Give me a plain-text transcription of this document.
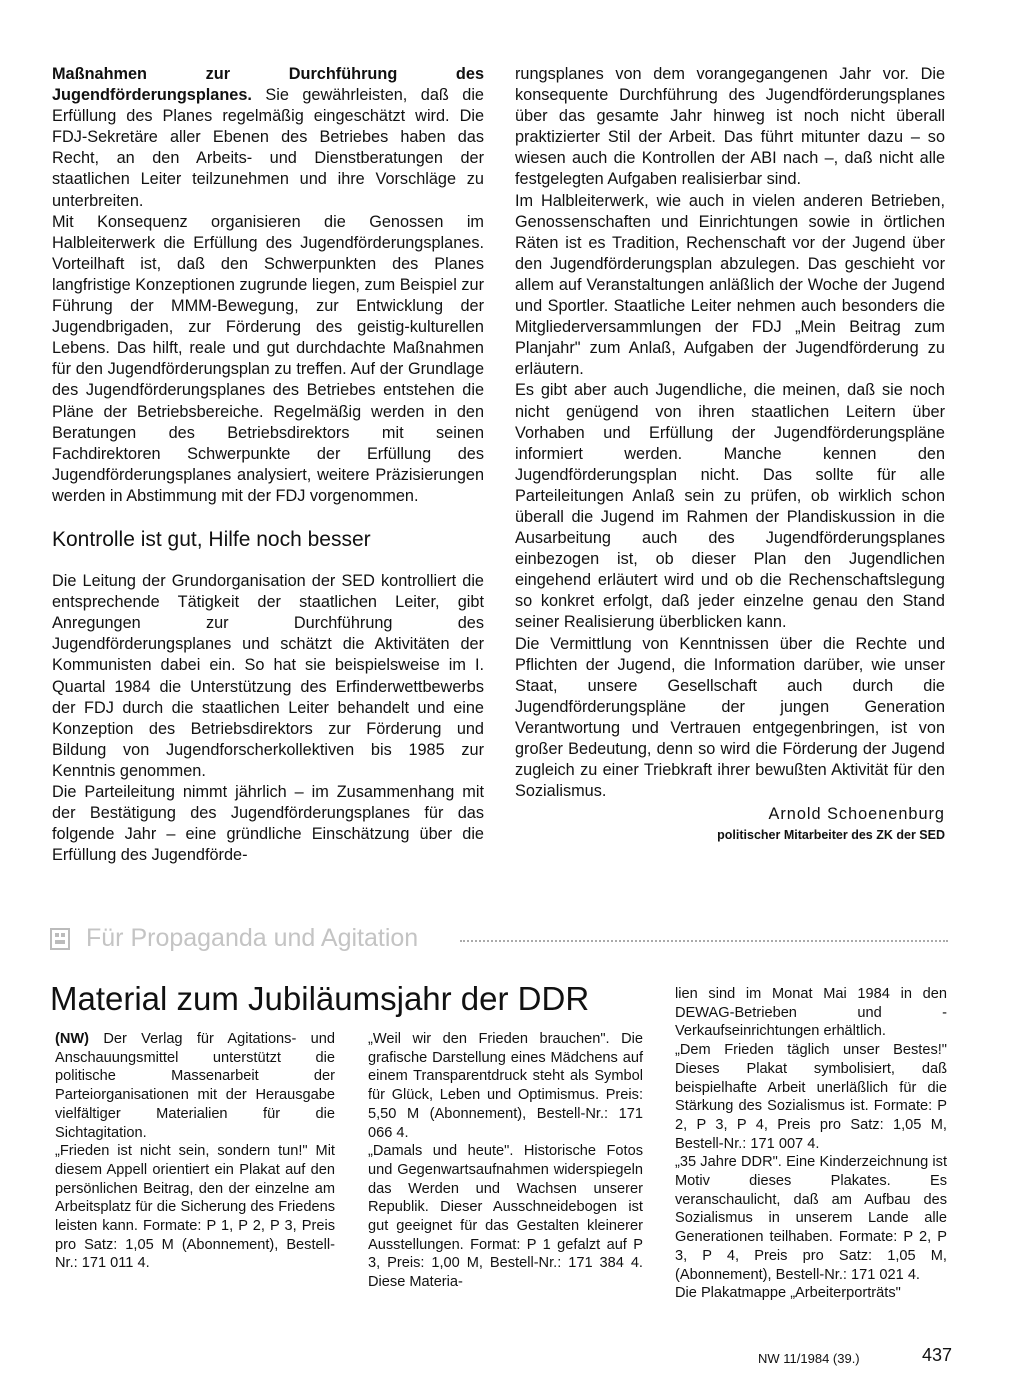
Maßnahmen zur Durchführung des Jugendförderungsplanes. Sie gewährleisten, daß die Erfüllung des Planes regelmäßig eingeschätzt wird. Die FDJ-Sekretäre aller Ebenen des Betriebes haben das Recht, an den Arbeits- und Dienstberatungen der staatlichen Leiter teilzunehmen und ihre Vorschläge zu unterbreiten.

Mit Konsequenz organisieren die Genossen im Halbleiterwerk die Erfüllung des Jugendförderungsplanes. Vorteilhaft ist, daß den Schwerpunkten des Planes langfristige Konzeptionen zugrunde liegen, zum Beispiel zur Führung der MMM-Bewegung, zur Entwicklung der Jugendbrigaden, zur Förderung des geistig-kulturellen Lebens. Das hilft, reale und gut durchdachte Maßnahmen für den Jugendförderungsplan zu treffen. Auf der Grundlage des Jugendförderungsplanes des Betriebes entstehen die Pläne der Betriebsbereiche. Regelmäßig werden in den Beratungen des Betriebsdirektors mit seinen Fachdirektoren Schwerpunkte der Erfüllung des Jugendförderungsplanes analysiert, weitere Präzisierungen werden in Abstimmung mit der FDJ vorgenommen.

Kontrolle ist gut, Hilfe noch besser

Die Leitung der Grundorganisation der SED kontrolliert die entsprechende Tätigkeit der staatlichen Leiter, gibt Anregungen zur Durchführung des Jugendförderungsplanes und schätzt die Aktivitäten der Kommunisten dabei ein. So hat sie beispielsweise im I. Quartal 1984 die Unterstützung des Erfinderwettbewerbs der FDJ durch die staatlichen Leiter behandelt und eine Konzeption des Betriebsdirektors zur Förderung und Bildung von Jugendforscherkollektiven bis 1985 zur Kenntnis genommen.

Die Parteileitung nimmt jährlich – im Zusammenhang mit der Bestätigung des Jugendförderungsplanes für das folgende Jahr – eine gründliche Einschätzung über die Erfüllung des Jugendförde-

rungsplanes von dem vorangegangenen Jahr vor. Die konsequente Durchführung des Jugendförderungsplanes über das gesamte Jahr hinweg ist noch nicht überall praktizierter Stil der Arbeit. Das führt mitunter dazu – so wiesen auch die Kontrollen der ABI nach –, daß nicht alle festgelegten Aufgaben realisierbar sind.

Im Halbleiterwerk, wie auch in vielen anderen Betrieben, Genossenschaften und Einrichtungen sowie in örtlichen Räten ist es Tradition, Rechenschaft vor der Jugend über den Jugendförderungsplan abzulegen. Das geschieht vor allem auf Veranstaltungen anläßlich der Woche der Jugend und Sportler. Staatliche Leiter nehmen auch besonders die Mitgliederversammlungen der FDJ „Mein Beitrag zum Planjahr" zum Anlaß, Aufgaben der Jugendförderung zu erläutern.

Es gibt aber auch Jugendliche, die meinen, daß sie noch nicht genügend von ihren staatlichen Leitern über Vorhaben und Erfüllung der Jugendförderungspläne informiert werden. Manche kennen den Jugendförderungsplan nicht. Das sollte für alle Parteileitungen Anlaß sein zu prüfen, ob wirklich schon überall die Jugend im Rahmen der Plandiskussion in die Ausarbeitung auch des Jugendförderungsplanes einbezogen ist, ob dieser Plan den Jugendlichen eingehend erläutert wird und ob die Rechenschaftslegung so konkret erfolgt, daß jeder einzelne genau den Stand seiner Realisierung überblicken kann.

Die Vermittlung von Kenntnissen über die Rechte und Pflichten der Jugend, die Information darüber, wie unser Staat, unsere Gesellschaft auch durch die Jugendförderungspläne der jungen Generation Verantwortung und Vertrauen entgegenbringen, ist von großer Bedeutung, denn so wird die Förderung der Jugend zugleich zu einer Triebkraft ihrer bewußten Aktivität für den Sozialismus.

Arnold Schoenenburg
politischer Mitarbeiter des ZK der SED
Für Propaganda und Agitation
Material zum Jubiläumsjahr der DDR

(NW) Der Verlag für Agitations- und Anschauungsmittel unterstützt die politische Massenarbeit der Parteiorganisationen mit der Herausgabe vielfältiger Materialien für die Sichtagitation.

„Frieden ist nicht sein, sondern tun!" Mit diesem Appell orientiert ein Plakat auf den persönlichen Beitrag, den der einzelne am Arbeitsplatz für die Sicherung des Friedens leisten kann. Formate: P 1, P 2, P 3, Preis pro Satz: 1,05 M (Abonnement), Bestell-Nr.: 171 011 4.

„Weil wir den Frieden brauchen". Die grafische Darstellung eines Mädchens auf einem Transparentdruck steht als Symbol für Glück, Leben und Optimismus. Preis: 5,50 M (Abonnement), Bestell-Nr.: 171 066 4.

„Damals und heute". Historische Fotos und Gegenwartsaufnahmen widerspiegeln das Werden und Wachsen unserer Republik. Dieser Ausschneidebogen ist gut geeignet für das Gestalten kleinerer Ausstellungen. Format: P 1 gefalzt auf P 3, Preis: 1,00 M, Bestell-Nr.: 171 384 4. Diese Materia-

lien sind im Monat Mai 1984 in den DEWAG-Betrieben und -Verkaufseinrichtungen erhältlich.

„Dem Frieden täglich unser Bestes!" Dieses Plakat symbolisiert, daß beispielhafte Arbeit unerläßlich für die Stärkung des Sozialismus ist. Formate: P 2, P 3, P 4, Preis pro Satz: 1,05 M, Bestell-Nr.: 171 007 4.

„35 Jahre DDR". Eine Kinderzeichnung ist Motiv dieses Plakates. Es veranschaulicht, daß am Aufbau des Sozialismus in unserem Lande alle Generationen teilhaben. Formate: P 2, P 3, P 4, Preis pro Satz: 1,05 M, (Abonnement), Bestell-Nr.: 171 021 4.

Die Plakatmappe „Arbeiterporträts"

NW 11/1984 (39.)	437
